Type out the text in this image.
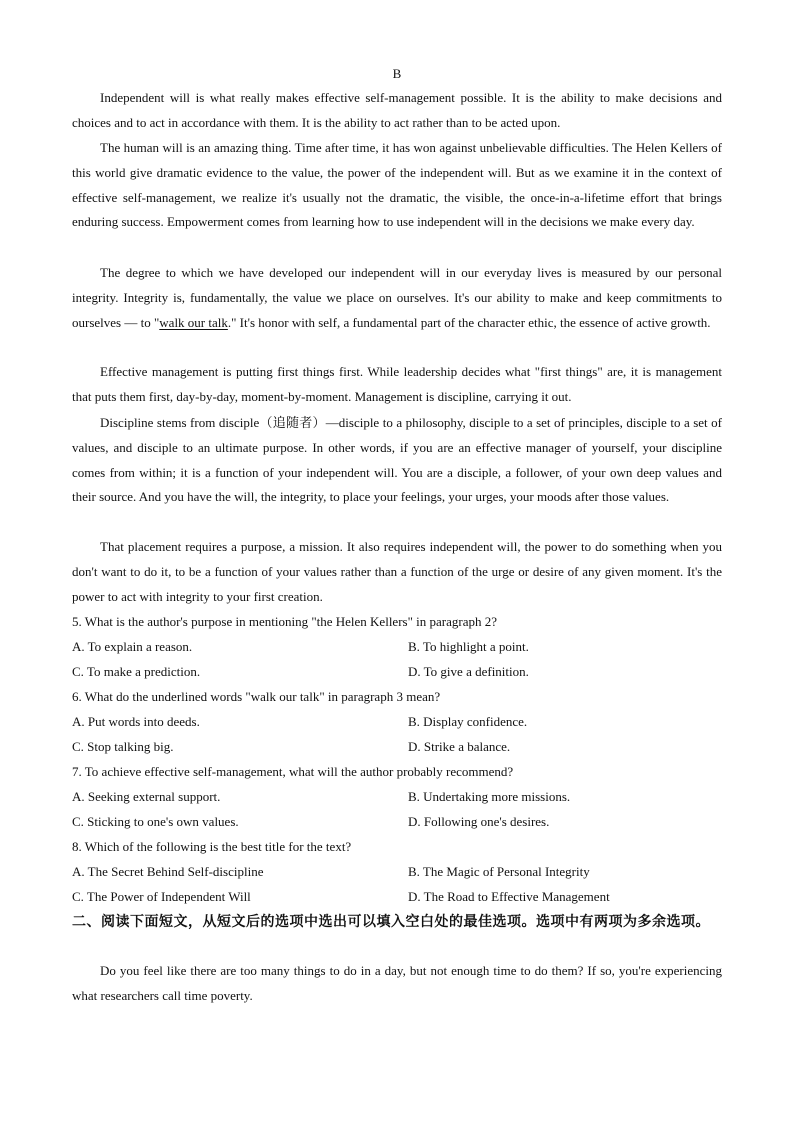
B

Independent will is what really makes effective self-management possible. It is the ability to make decisions and choices and to act in accordance with them. It is the ability to act rather than to be acted upon.

The human will is an amazing thing. Time after time, it has won against unbelievable difficulties. The Helen Kellers of this world give dramatic evidence to the value, the power of the independent will. But as we examine it in the context of effective self-management, we realize it's usually not the dramatic, the visible, the once-in-a-lifetime effort that brings enduring success. Empowerment comes from learning how to use independent will in the decisions we make every day.

The degree to which we have developed our independent will in our everyday lives is measured by our personal integrity. Integrity is, fundamentally, the value we place on ourselves. It's our ability to make and keep commitments to ourselves — to "walk our talk." It's honor with self, a fundamental part of the character ethic, the essence of active growth.

Effective management is putting first things first. While leadership decides what "first things" are, it is management that puts them first, day-by-day, moment-by-moment. Management is discipline, carrying it out.

Discipline stems from disciple（追随者）—disciple to a philosophy, disciple to a set of principles, disciple to a set of values, and disciple to an ultimate purpose. In other words, if you are an effective manager of yourself, your discipline comes from within; it is a function of your independent will. You are a disciple, a follower, of your own deep values and their source. And you have the will, the integrity, to place your feelings, your urges, your moods after those values.

That placement requires a purpose, a mission. It also requires independent will, the power to do something when you don't want to do it, to be a function of your values rather than a function of the urge or desire of any given moment. It's the power to act with integrity to your first creation.

5. What is the author's purpose in mentioning "the Helen Kellers" in paragraph 2?
A. To explain a reason.	B. To highlight a point.
C. To make a prediction.	D. To give a definition.
6. What do the underlined words "walk our talk" in paragraph 3 mean?
A. Put words into deeds.	B. Display confidence.
C. Stop talking big.	D. Strike a balance.
7. To achieve effective self-management, what will the author probably recommend?
A. Seeking external support.	B. Undertaking more missions.
C. Sticking to one's own values.	D. Following one's desires.
8. Which of the following is the best title for the text?
A. The Secret Behind Self-discipline	B. The Magic of Personal Integrity
C. The Power of Independent Will	D. The Road to Effective Management
二、阅读下面短文，从短文后的选项中选出可以填入空白处的最佳选项。选项中有两项为多余选项。

Do you feel like there are too many things to do in a day, but not enough time to do them? If so, you're experiencing what researchers call time poverty.
